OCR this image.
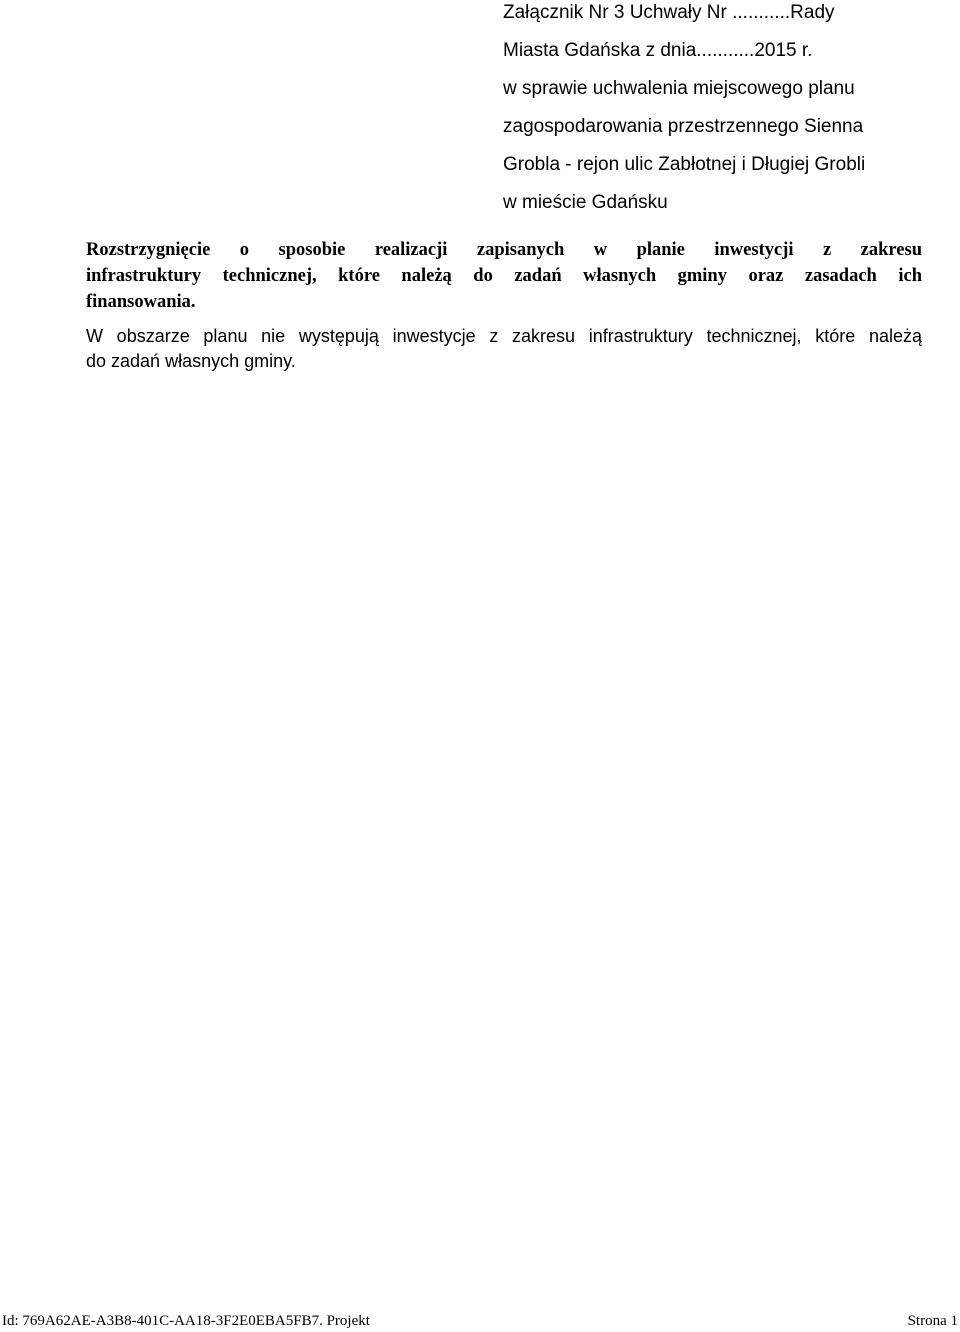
Załącznik Nr 3 Uchwały Nr ...........Rady
Miasta Gdańska z dnia...........2015 r.
w sprawie uchwalenia miejscowego planu
zagospodarowania przestrzennego Sienna
Grobla - rejon ulic Zabłotnej i Długiej Grobli
w mieście Gdańsku
Rozstrzygnięcie o sposobie realizacji zapisanych w planie inwestycji z zakresu
infrastruktury technicznej, które należą do zadań własnych gminy oraz zasadach ich
finansowania.
W obszarze planu nie występują inwestycje z zakresu infrastruktury technicznej, które należą
do zadań własnych gminy.
Id: 769A62AE-A3B8-401C-AA18-3F2E0EBA5FB7. Projekt	Strona 1
